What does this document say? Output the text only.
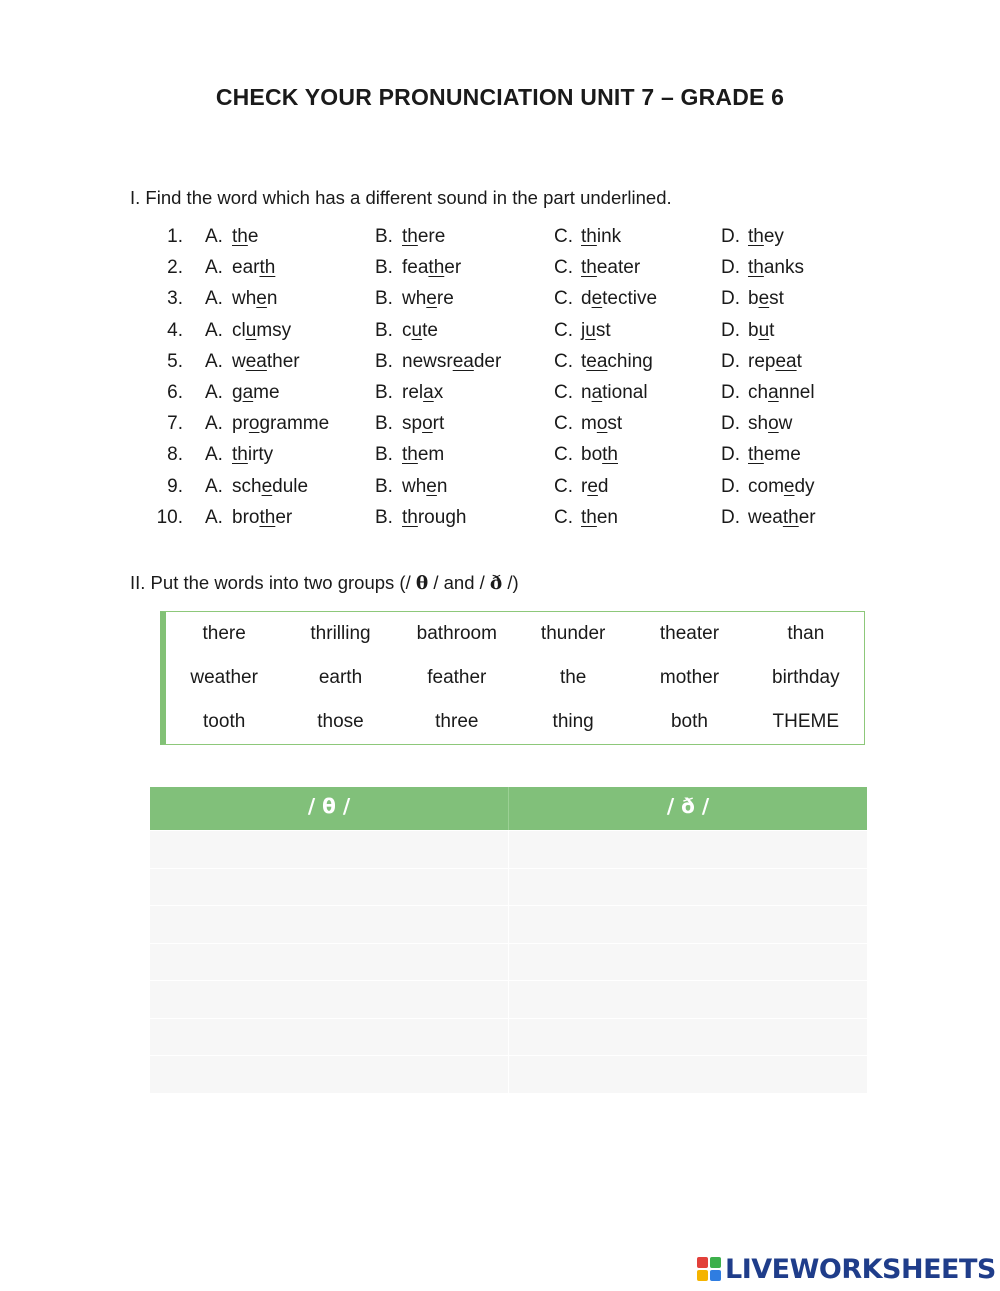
CHECK YOUR PRONUNCIATION UNIT 7 – GRADE 6
I. Find the word which has a different sound in the part underlined.
1. A. the	B. there	C. think	D. they
2. A. earth	B. feather	C. theater	D. thanks
3. A. when	B. where	C. detective	D. best
4. A. clumsy	B. cute	C. just	D. but
5. A. weather	B. newsreader	C. teaching	D. repeat
6. A. game	B. relax	C. national	D. channel
7. A. programme B. sport	C. most	D. show
8. A. thirty	B. them	C. both	D. theme
9. A. schedule	B. when	C. red	D. comedy
10. A. brother	B. through	C. then	D. weather
II. Put the words into two groups (/ θ / and / ð /)
there	thrilling	bathroom	thunder	theater	than
weather	earth	feather	the	mother	birthday
tooth	those	three	thing	both	THEME
/ θ /	/ ð /
LIVEWORKSHEETS
